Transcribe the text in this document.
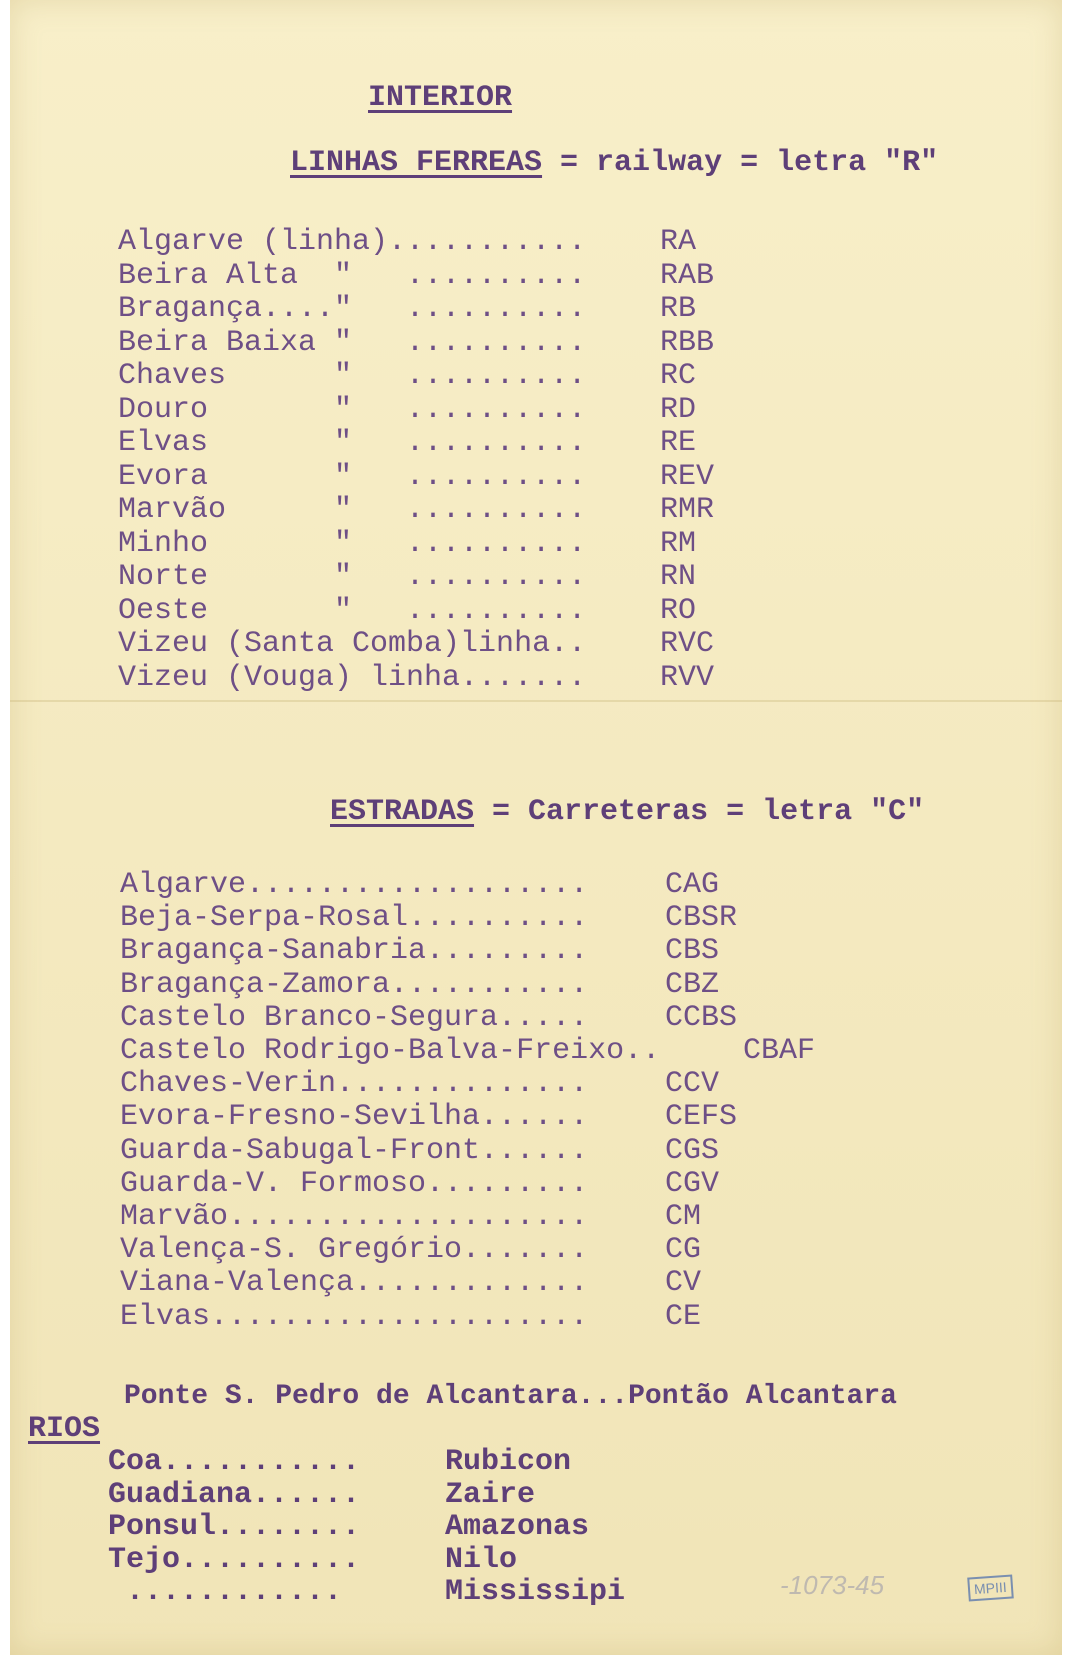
INTERIOR
LINHAS FERREAS = railway = letra "R"
Algarve (linha)........... RA
Beira Alta  "   .......... RAB
Bragança...."   .......... RB
Beira Baixa "   .......... RBB
Chaves      "   .......... RC
Douro       "   .......... RD
Elvas       "   .......... RE
Evora       "   .......... REV
Marvão      "   .......... RMR
Minho       "   .......... RM
Norte       "   .......... RN
Oeste       "   .......... RO
Vizeu (Santa Comba)linha.. RVC
Vizeu (Vouga) linha....... RVV
ESTRADAS = Carreteras = letra "C"
Algarve...................	CAG
Beja-Serpa-Rosal..........	CBSR
Bragança-Sanabria.........	CBS
Bragança-Zamora...........	CBZ
Castelo Branco-Segura.....	CCBS
Castelo Rodrigo-Balva-Freixo..	CBAF
Chaves-Verin..............	CCV
Evora-Fresno-Sevilha......	CEFS
Guarda-Sabugal-Front......	CGS
Guarda-V. Formoso.........	CGV
Marvão....................	CM
Valença-S. Gregório.......	CG
Viana-Valença.............	CV
Elvas.....................	CE
Ponte S. Pedro de Alcantara...Pontão Alcantara
RIOS
Coa...........	Rubicon
Guadiana......	Zaire
Ponsul........	Amazonas
Tejo..........	Nilo
............	Mississipi	-1073-45	MPIII
